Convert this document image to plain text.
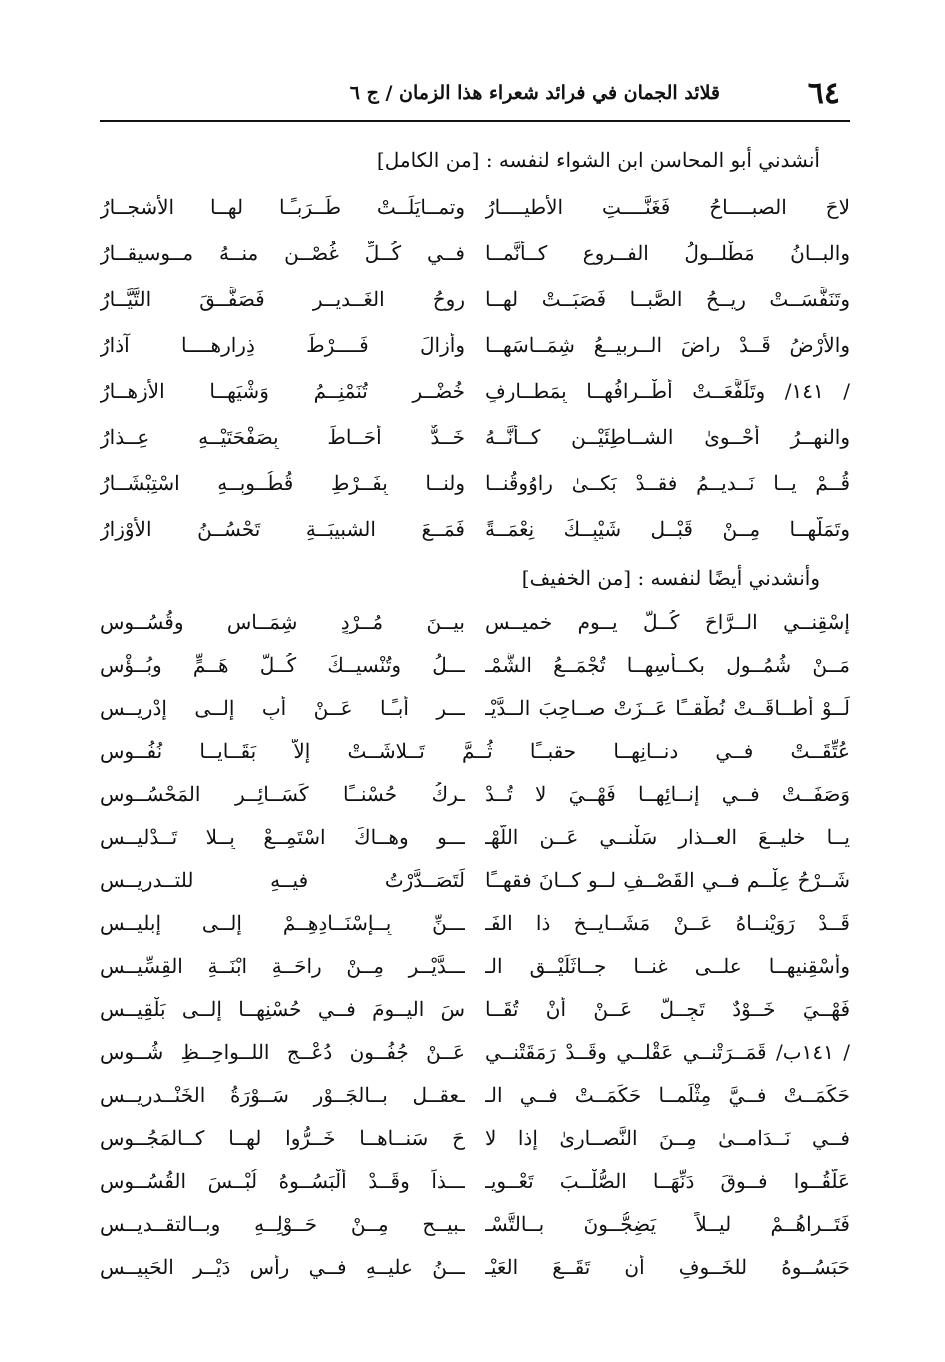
٦٤
قلائد الجمان في فرائد شعراء هذا الزمان / ج ٦
أنشدني أبو المحاسن ابن الشواء لنفسه : [من الكامل]
لاحَ الصبــــاحُ فَغَنَّــــتِ الأطيــــارُ
وتمــايَلَــتْ طَــرَبـًـا لهــا الأشجــارُ
والبــانُ مَطْلــولُ الفــروعِ كــأنَّمــا
فــي كُــلِّ غُصْــنٍ منــهُ مــوسيقــارُ
وتَنَفَّسَــتْ ريــحُ الصَّبــا فَصَبَــتْ لهــا
روحُ الغَــديــرِ فَصَفَّــقَ التَّيَّــارُ
والأرْضُ قَــدْ راضَ الــربيــعُ شِمَــاسَهــا
وأزالَ فَــــرْطَ ذِرارِهــــا آذارُ
/ ١٤١/ وتَلَفَّعَــتْ أطْــرافُهــا بِمَطــارِفٍ
خُضْــرٍ تُنَمْنِــمُ وَشْيَهــا الأزهــارُ
والنهــرُ أَحْــوىٰ الشــاطِئَيْــنِ كــأنَّــهُ
خَــدٌّ أَحَــاطَ بِصَفْحَتَيْــهِ عِــذارُ
قُــمْ يــا نَــديــمُ فقــدْ بَكــىٰ راوُوقُنــا
ولنــا بِفَــرْطِ قُطُــوبِــهِ اسْتِبْشَــارُ
وتَمَلَّهــا مِــنْ قَبْــلِ شَيْبِــكَ نِعْمَــةً
فَمَــعَ الشبيبَــةِ تَحْسُــنُ الأوْزارُ
وأنشدني أيضًا لنفسه : [من الخفيف]
إسْقِنــي الــرَّاحَ كُــلَّ يــومِ خميــسٍ
بيــنَ مُــرْدٍ شِمَــاسٍ وقُسُــوسِ
مَــنْ شُمُــولٍ بكــأسِهــا تُجْمَــعُ الشَّمْـ
ـــلُ وتُنْسيــكَ كُــلَّ هَــمٍّ وبُــؤْسِ
لَــوْ أطــاقَــتْ نُطْقــًا عَــزَتْ صــاحِبَ الــدَّيْـ
ـــرِ أبـًـا عَــنْ أبٍ إلــى إدْريــسِ
عُتِّقَــتْ فــي دنــانِهــا حقبــًا ثُــمَّ تَــلاشَــتْ إلاَّ بَقَــايــا نُفُــوسِ
وَصَفَــتْ فــي إنــائِهــا فَهْــيَ لا تُــدْ
ـرِكُ حُسْنــًا كَسَــائِــرِ المَحْسُــوسِ
يــا خليــعَ العــذارِ سَلْنــي عَــنِ اللَّهْـ
ـــوِ وهــاكَ اسْتَمِــعْ بِــلا تَــدْليــسِ
شَــرْحُ عِلْــمٍ فــي القَصْــفِ لــو كــانَ فقهــًا
لَتَصَــدَّرْتُ فيــهِ للتــدريــسِ
قَــدْ رَوَيْنــاهُ عَــنْ مَشَــايــخِ ذا الفَـ
ـــنِّ بِــإسْنَــادِهِــمْ إلــى إبليــسِ
وأسْقِنيهــا علــى غنــا جــاثَلَيْــقِ الـ
ـــدَّيْــرِ مِــنْ راحَــةِ ابْنَــةِ القِسِّيــسِ
فَهْــيَ خَــوْدٌ تَجِــلُّ عَــنْ أنْ تُقَــا
سَ اليــومَ فــي حُسْنِهــا إلــى بَلْقِيــسِ
/ ١٤١ب/ قَمَــرَتْنــي عَقْلــي وقَــدْ رَمَقَتْنــي
عَــنْ جُفُــونٍ دُعْــجِ اللــواحِــظِ شُــوسِ
حَكَمَــتْ فــيَّ مِثْلَمــا حَكَمَــتْ فــي الـ
ـعقــلِ بــالجَــوْرِ سَــوْرَةُ الخَنْــدريــسِ
فــي نَــدَامــىٰ مِــنَ النَّصــارىٰ إذا لا
حَ سَنــاهــا خَــرُّوا لهــا كــالمَجُــوسِ
عَلَّقُــوا فــوقَ دَنِّهَــا الصُّلْــبَ تَعْــويـ
ـــذاً وقَــدْ ألْبَسُــوهُ لُبْــسَ القُسُــوسِ
فَتَــراهُــمْ ليــلاً يَضِجُّــونَ بــالتَّسْـ
ـبيــحِ مِــنْ حَــوْلِــهِ وبــالتقــديــسِ
حَبَسُــوهُ للخَــوفِ أن تَقَــعَ العَيْـ
ـــنُ عليــهِ فــي رأسِ دَيْــرِ الحَبِيــسِ
